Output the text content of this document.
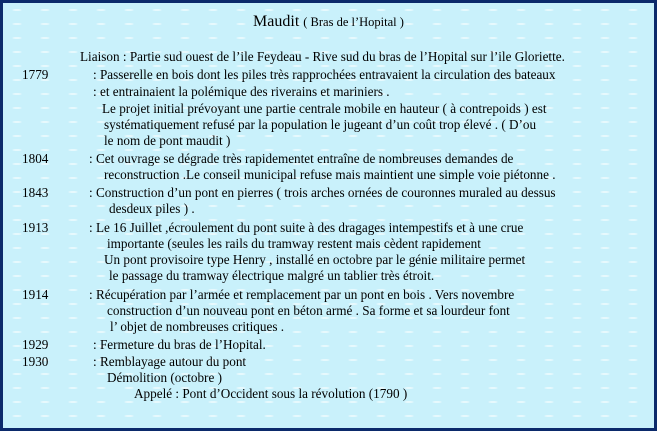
Maudit ( Bras de l’Hopital )
Liaison : Partie sud ouest de l’ile Feydeau - Rive sud du bras de l’Hopital sur l’ile Gloriette.
1779	: Passerelle en bois dont les piles très rapprochées entravaient la circulation des bateaux
: et entrainaient la polémique des riverains et mariniers .
Le projet initial prévoyant une partie centrale mobile en hauteur ( à contrepoids ) est
systématiquement refusé par la population le jugeant d’un coût trop élevé . ( D’ou
le nom de pont maudit )
1804	: Cet ouvrage se dégrade très rapidementet entraîne de nombreuses demandes de
reconstruction .Le conseil municipal refuse mais maintient une simple voie piétonne .
1843	: Construction d’un pont en pierres ( trois arches ornées de couronnes muraled au dessus
desdeux piles ) .
1913	: Le 16 Juillet ,écroulement du pont suite à des dragages intempestifs et à une crue
importante (seules les rails du tramway restent mais cèdent rapidement
Un pont provisoire type Henry , installé en octobre par le génie militaire permet
le passage du tramway électrique malgré un tablier très étroit.
1914	: Récupération par l’armée et remplacement par un pont en bois . Vers novembre
construction d’un nouveau pont en béton armé . Sa forme et sa lourdeur font
l’ objet de nombreuses critiques .
1929	: Fermeture du bras de l’Hopital.
1930	: Remblayage autour du pont
Démolition (octobre )
Appelé : Pont d’Occident sous la révolution (1790 )
